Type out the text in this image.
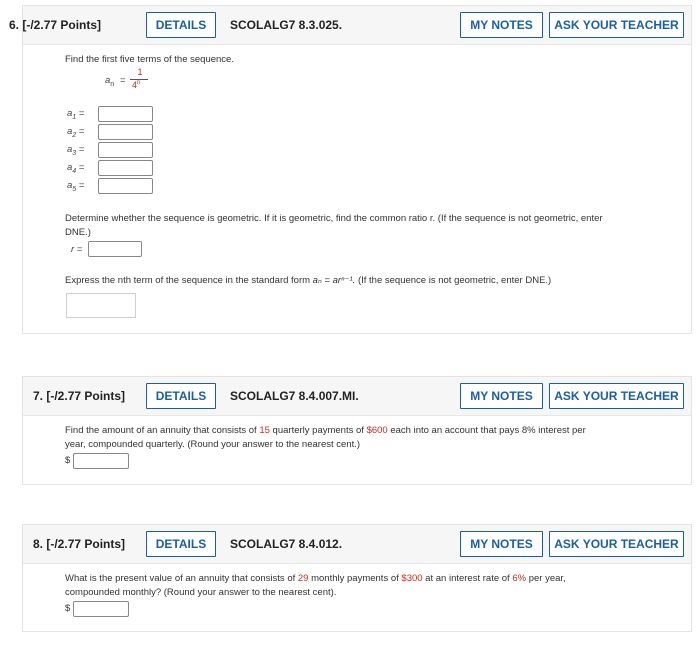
6. [-/2.77 Points]	DETAILS	SCOLALG7 8.3.025.	MY NOTES	ASK YOUR TEACHER
Find the first five terms of the sequence.
$a_n$ =
1
4$^n$
$a_1$ =
$a_2$ =
$a_3$ =
$a_4$ =
$a_5$ =
Determine whether the sequence is geometric. If it is geometric, find the common ratio r. (If the sequence is not geometric, enter
DNE.)
r =
Express the nth term of the sequence in the standard form aₙ = arⁿ⁻¹. (If the sequence is not geometric, enter DNE.)
7. [-/2.77 Points]	DETAILS	SCOLALG7 8.4.007.MI.	MY NOTES	ASK YOUR TEACHER
Find the amount of an annuity that consists of 15 quarterly payments of $600 each into an account that pays 8% interest per
year, compounded quarterly. (Round your answer to the nearest cent.)
$
8. [-/2.77 Points]	DETAILS	SCOLALG7 8.4.012.	MY NOTES	ASK YOUR TEACHER
What is the present value of an annuity that consists of 29 monthly payments of $300 at an interest rate of 6% per year,
compounded monthly? (Round your answer to the nearest cent).
$
